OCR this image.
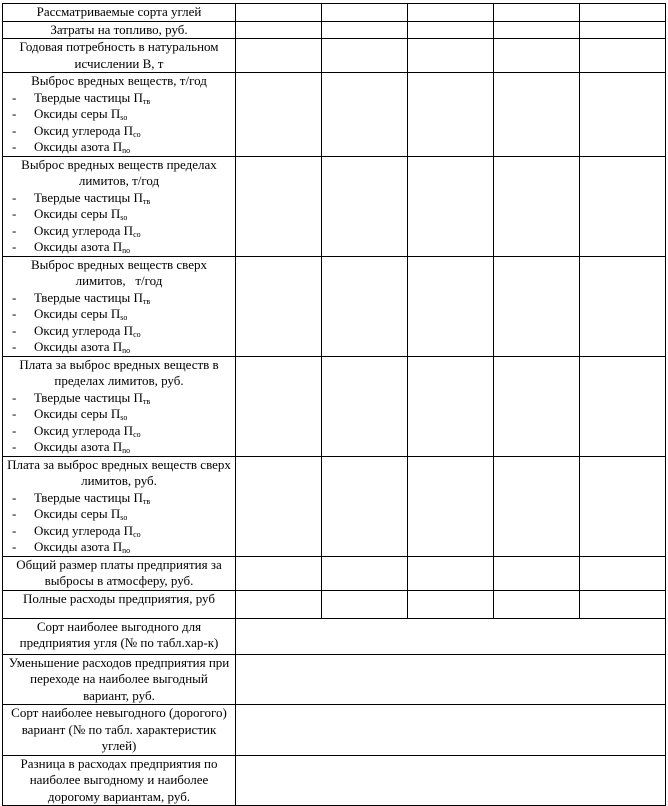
Рассматриваемые сорта углей					
Затраты на топливо, руб.					
Годовая потребность в натуральном исчислении В, т					

Выброс вредных веществ, т/год
- Твердые частицы $П_{тв}$
- Оксиды серы $П_{so}$
- Оксид углерода $П_{co}$
- Оксиды азота $П_{no}$

Выброс вредных веществ пределах лимитов, т/год
- Твердые частицы $П_{тв}$
- Оксиды серы $П_{so}$
- Оксид углерода $П_{co}$
- Оксиды азота $П_{no}$

Выброс вредных веществ сверх лимитов,   т/год
- Твердые частицы $П_{тв}$
- Оксиды серы $П_{so}$
- Оксид углерода $П_{co}$
- Оксиды азота $П_{no}$

Плата за выброс вредных веществ в пределах лимитов, руб.
- Твердые частицы $П_{тв}$
- Оксиды серы $П_{so}$
- Оксид углерода $П_{co}$
- Оксиды азота $П_{no}$

Плата за выброс вредных веществ сверх лимитов, руб.
- Твердые частицы $П_{тв}$
- Оксиды серы $П_{so}$
- Оксид углерода $П_{co}$
- Оксиды азота $П_{no}$

Общий размер платы предприятия за выбросы в атмосферу, руб.					
Полные расходы предприятия, руб					
Сорт наиболее выгодного для предприятия угля (№ по табл.хар-к)					
Уменьшение расходов предприятия при переходе на наиболее выгодный вариант, руб.					
Сорт наиболее невыгодного (дорогого) вариант (№ по табл. характеристик углей)					
Разница в расходах предприятия по наиболее выгодному и наиболее дорогому вариантам, руб.					
